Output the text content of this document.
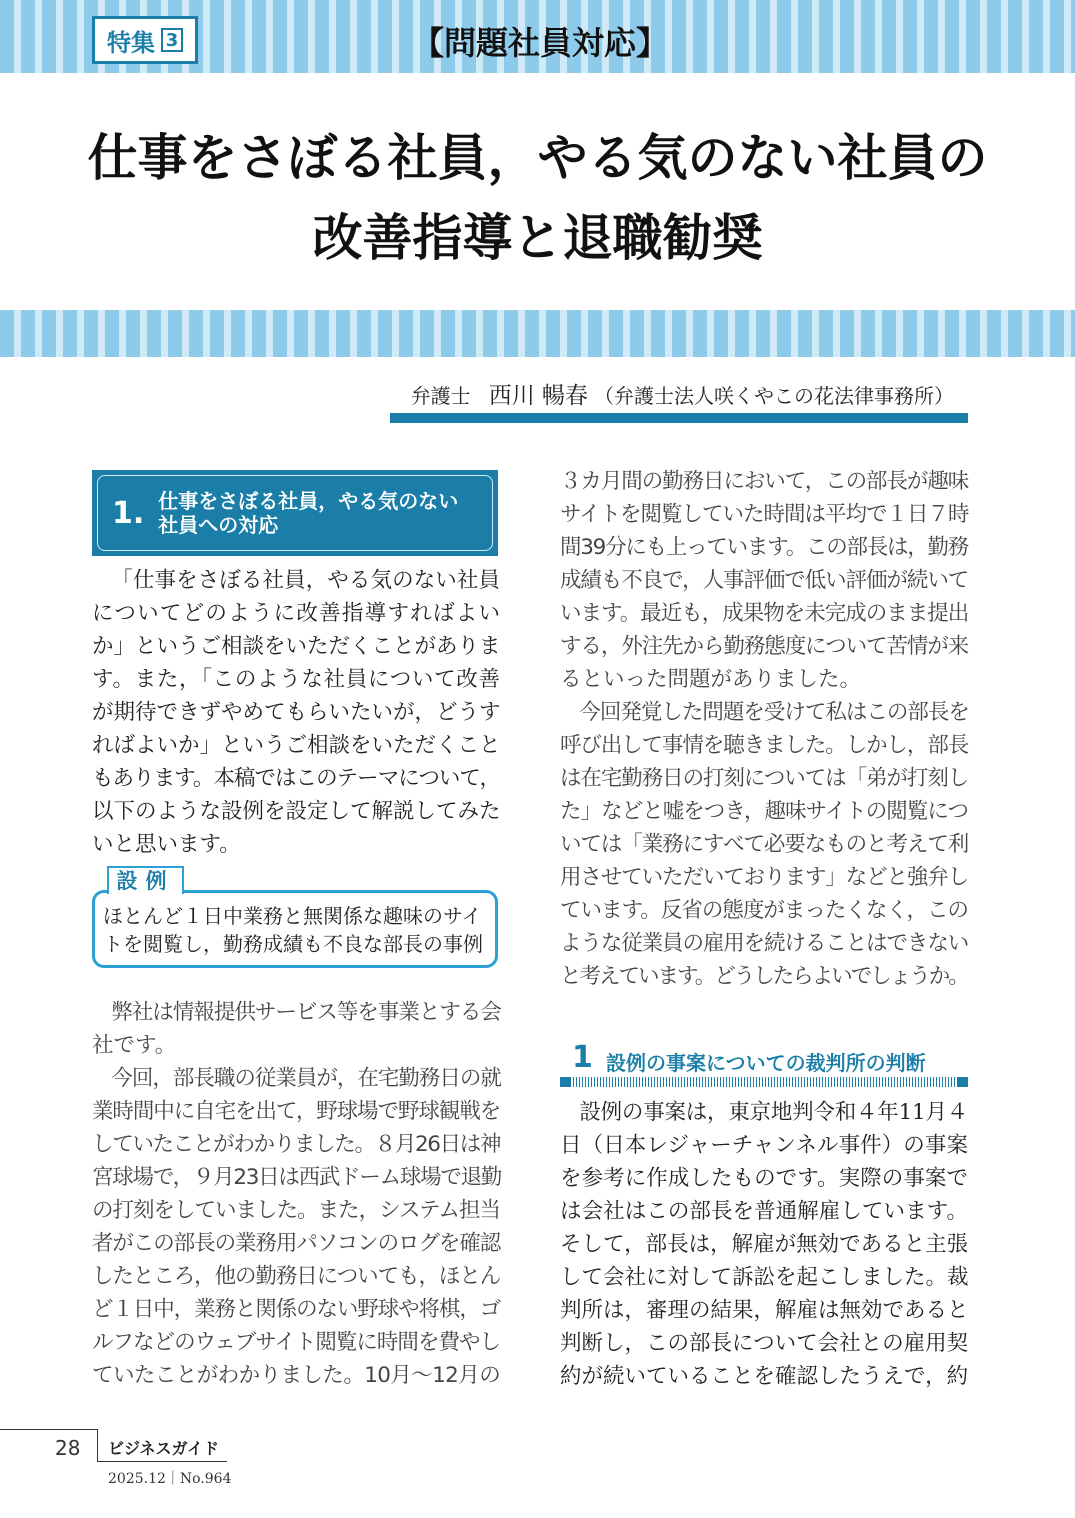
特集 3	【問題社員対応】
仕事をさぼる社員，やる気のない社員の
改善指導と退職勧奨
弁護士 西川 暢春 （弁護士法人咲くやこの花法律事務所）
1. 仕事をさぼる社員，やる気のない
社員への対応
「仕事をさぼる社員，やる気のない社員
についてどのように改善指導すればよい
か」というご相談をいただくことがありま
す。また，「このような社員について改善
が期待できずやめてもらいたいが，どうす
ればよいか」というご相談をいただくこと
もあります。本稿ではこのテーマについて，
以下のような設例を設定して解説してみた
いと思います。
設例
ほとんど１日中業務と無関係な趣味のサイ
トを閲覧し，勤務成績も不良な部長の事例
弊社は情報提供サービス等を事業とする会
社です。
今回，部長職の従業員が，在宅勤務日の就
業時間中に自宅を出て，野球場で野球観戦を
していたことがわかりました。８月26日は神
宮球場で，９月23日は西武ドーム球場で退勤
の打刻をしていました。また，システム担当
者がこの部長の業務用パソコンのログを確認
したところ，他の勤務日についても，ほとん
ど１日中，業務と関係のない野球や将棋，ゴ
ルフなどのウェブサイト閲覧に時間を費やし
ていたことがわかりました。10月～12月の
３カ月間の勤務日において，この部長が趣味
サイトを閲覧していた時間は平均で１日７時
間39分にも上っています。この部長は，勤務
成績も不良で，人事評価で低い評価が続いて
います。最近も，成果物を未完成のまま提出
する，外注先から勤務態度について苦情が来
るといった問題がありました。
今回発覚した問題を受けて私はこの部長を
呼び出して事情を聴きました。しかし，部長
は在宅勤務日の打刻については「弟が打刻し
た」などと嘘をつき，趣味サイトの閲覧につ
いては「業務にすべて必要なものと考えて利
用させていただいております」などと強弁し
ています。反省の態度がまったくなく，この
ような従業員の雇用を続けることはできない
と考えています。どうしたらよいでしょうか。
1 設例の事案についての裁判所の判断
設例の事案は，東京地判令和４年11月４
日（日本レジャーチャンネル事件）の事案
を参考に作成したものです。実際の事案で
は会社はこの部長を普通解雇しています。
そして，部長は，解雇が無効であると主張
して会社に対して訴訟を起こしました。裁
判所は，審理の結果，解雇は無効であると
判断し，この部長について会社との雇用契
約が続いていることを確認したうえで，約
28 ビジネスガイド
2025.12｜No.964
